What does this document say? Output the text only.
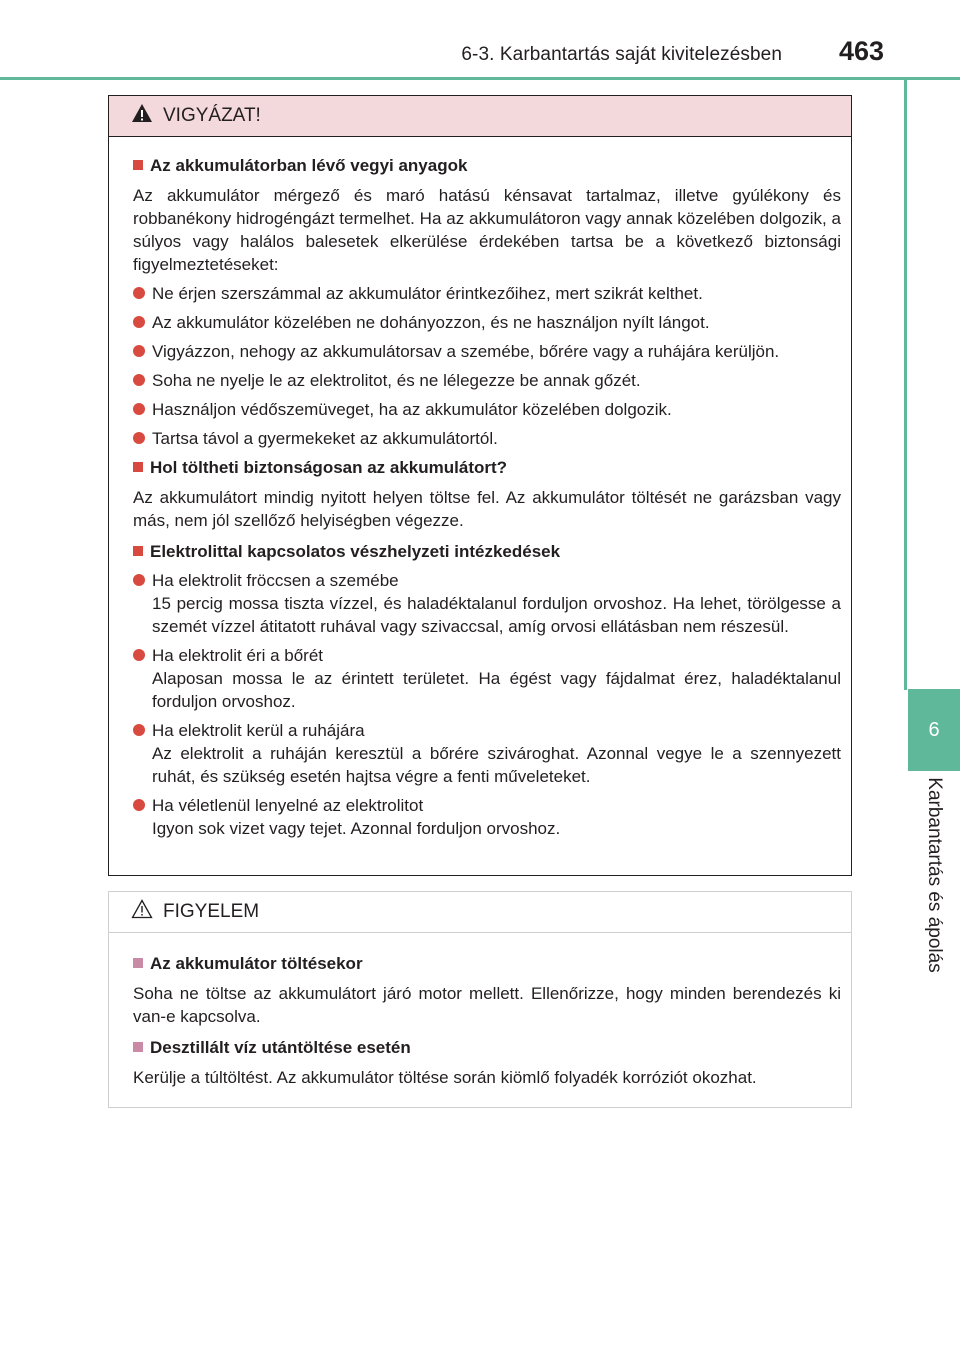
6-3. Karbantartás saját kivitelezésben 463
6
Karbantartás és ápolás
VIGYÁZAT!
Az akkumulátorban lévő vegyi anyagok

Az akkumulátor mérgező és maró hatású kénsavat tartalmaz, illetve gyúlékony és robbanékony hidrogéngázt termelhet. Ha az akkumulátoron vagy annak közelében dolgozik, a súlyos vagy halálos balesetek elkerülése érdekében tartsa be a következő biztonsági figyelmeztetéseket:

Ne érjen szerszámmal az akkumulátor érintkezőihez, mert szikrát kelthet.
Az akkumulátor közelében ne dohányozzon, és ne használjon nyílt lángot.
Vigyázzon, nehogy az akkumulátorsav a szemébe, bőrére vagy a ruhájára kerüljön.
Soha ne nyelje le az elektrolitot, és ne lélegezze be annak gőzét.
Használjon védőszemüveget, ha az akkumulátor közelében dolgozik.
Tartsa távol a gyermekeket az akkumulátortól.
Hol töltheti biztonságosan az akkumulátort?

Az akkumulátort mindig nyitott helyen töltse fel. Az akkumulátor töltését ne garázsban vagy más, nem jól szellőző helyiségben végezze.

Elektrolittal kapcsolatos vészhelyzeti intézkedések
Ha elektrolit fröccsen a szemébe
15 percig mossa tiszta vízzel, és haladéktalanul forduljon orvoshoz. Ha lehet, törölgesse a szemét vízzel átitatott ruhával vagy szivaccsal, amíg orvosi ellátásban nem részesül.
Ha elektrolit éri a bőrét
Alaposan mossa le az érintett területet. Ha égést vagy fájdalmat érez, haladéktalanul forduljon orvoshoz.
Ha elektrolit kerül a ruhájára
Az elektrolit a ruháján keresztül a bőrére szivároghat. Azonnal vegye le a szennyezett ruhát, és szükség esetén hajtsa végre a fenti műveleteket.
Ha véletlenül lenyelné az elektrolitot
Igyon sok vizet vagy tejet. Azonnal forduljon orvoshoz.
FIGYELEM
Az akkumulátor töltésekor

Soha ne töltse az akkumulátort járó motor mellett. Ellenőrizze, hogy minden berendezés ki van-e kapcsolva.

Desztillált víz utántöltése esetén

Kerülje a túltöltést. Az akkumulátor töltése során kiömlő folyadék korróziót okozhat.
